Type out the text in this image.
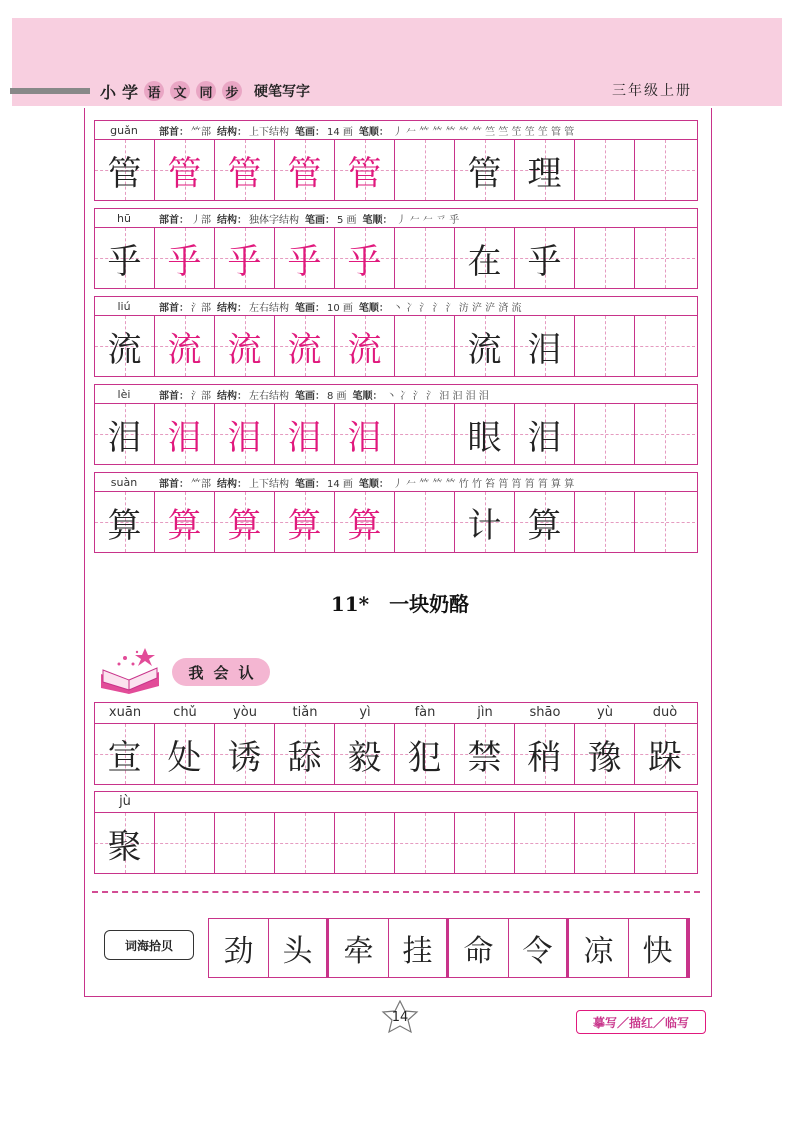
小 学 语 文 同 步 硬笔写字	三年级上册
guǎn	部首： ⺮部 结构： 上下结构 笔画： 14 画 笔顺： 丿 𠂉 𥫗 𥫗 𥫗 𥫗 𥫗 竺 竺 笁 笁 笁 管 管
管 管 管 管 管	管 理
hū	部首： 丿部 结构： 独体字结构 笔画： 5 画 笔顺： 丿 𠂉 𠂉 乊 乎
乎 乎 乎 乎 乎	在 乎
liú	部首： 氵部 结构： 左右结构 笔画： 10 画 笔顺： 丶 冫 氵 氵 氵 汸 浐 浐 済 流
流 流 流 流 流	流 泪
lèi	部首： 氵部 结构： 左右结构 笔画： 8 画 笔顺： 丶 冫 氵 氵 汩 汩 泪 泪
泪 泪 泪 泪 泪	眼 泪
suàn	部首： ⺮部 结构： 上下结构 笔画： 14 画 笔顺： 丿 𠂉 𥫗 𥫗 𥫗 竹 竹 笞 筲 筲 筲 筲 算 算
算 算 算 算 算	计 算
11*　一块奶酪
我 会 认
xuān	chǔ	yòu	tiǎn	yì	fàn	jìn	shāo	yù	duò
宣 处 诱 舔 毅 犯 禁 稍 豫 跺
jù
聚
词海拾贝	劲 头 牵 挂 命 令 凉 快
14	摹写／描红／临写
